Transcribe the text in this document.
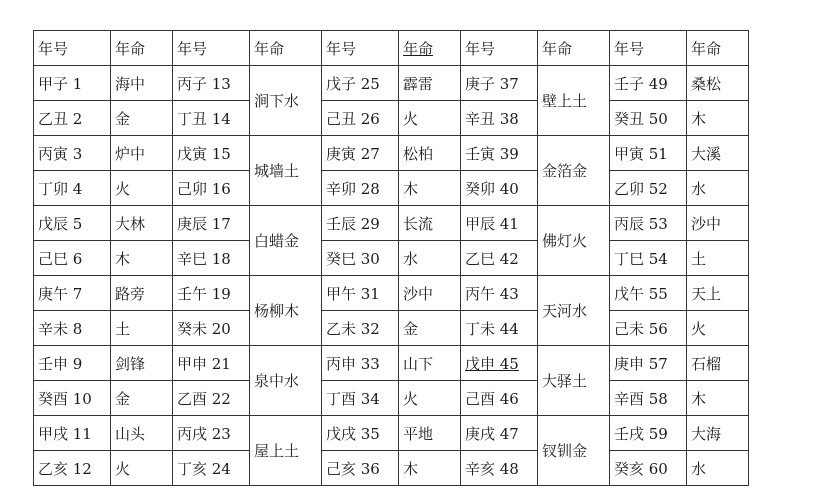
年号	年命	年号	年命	年号	年命	年号	年命	年号	年命
甲子 1	海中	丙子 13	涧下水	戊子 25	霹雷	庚子 37	壁上土	壬子 49	桑松
乙丑 2	金	丁丑 14		己丑 26	火	辛丑 38		癸丑 50	木
丙寅 3	炉中	戊寅 15	城墙土	庚寅 27	松柏	壬寅 39	金箔金	甲寅 51	大溪
丁卯 4	火	己卯 16		辛卯 28	木	癸卯 40		乙卯 52	水
戊辰 5	大林	庚辰 17	白蜡金	壬辰 29	长流	甲辰 41	佛灯火	丙辰 53	沙中
己巳 6	木	辛巳 18		癸巳 30	水	乙巳 42		丁巳 54	土
庚午 7	路旁	壬午 19	杨柳木	甲午 31	沙中	丙午 43	天河水	戊午 55	天上
辛未 8	土	癸未 20		乙未 32	金	丁未 44		己未 56	火
壬申 9	剑锋	甲申 21	泉中水	丙申 33	山下	戊申 45	大驿土	庚申 57	石榴
癸酉 10	金	乙酉 22		丁酉 34	火	己酉 46		辛酉 58	木
甲戌 11	山头	丙戌 23	屋上土	戊戌 35	平地	庚戌 47	钗钏金	壬戌 59	大海
乙亥 12	火	丁亥 24		己亥 36	木	辛亥 48		癸亥 60	水
